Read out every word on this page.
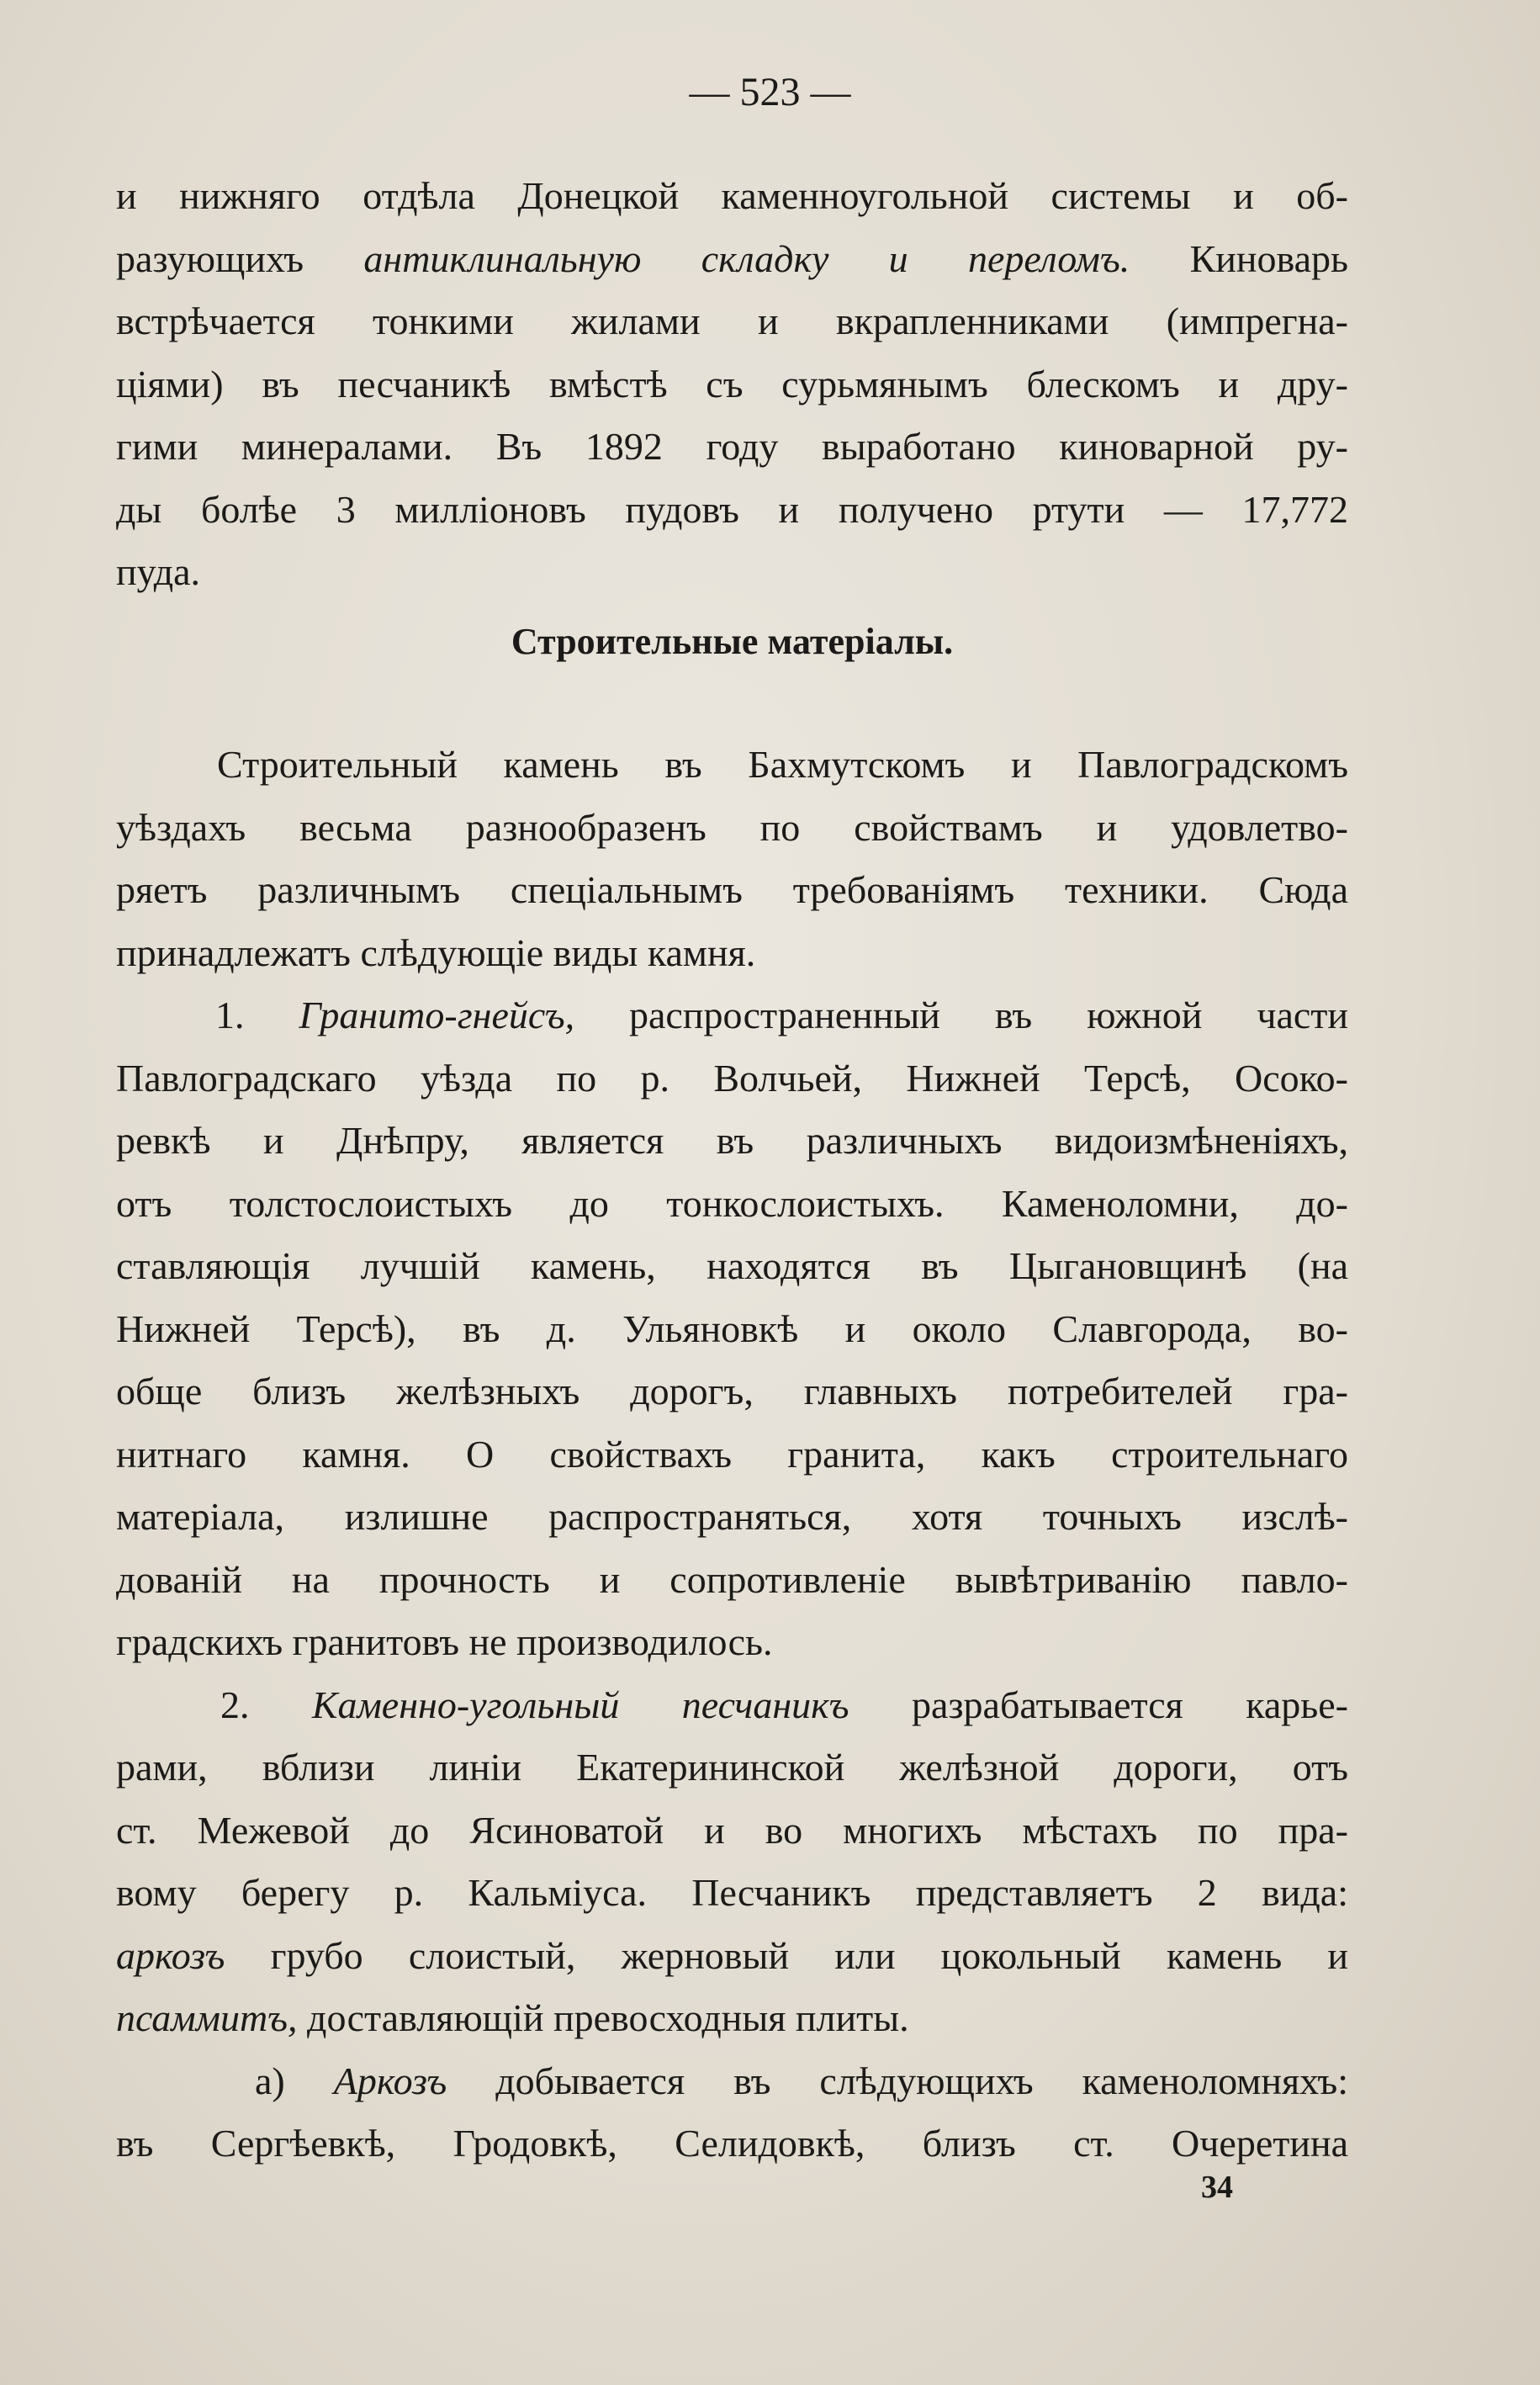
— 523 —
и нижняго отдѣла Донецкой каменноугольной системы и об-
разующихъ антиклинальную складку и переломъ. Киноварь
встрѣчается тонкими жилами и вкрапленниками (импрегна-
ціями) въ песчаникѣ вмѣстѣ съ сурьмянымъ блескомъ и дру-
гими минералами. Въ 1892 году выработано киноварной ру-
ды болѣе 3 милліоновъ пудовъ и получено ртути — 17,772
пуда.
Строительные матеріалы.
Строительный камень въ Бахмутскомъ и Павлоградскомъ
уѣздахъ весьма разнообразенъ по свойствамъ и удовлетво-
ряетъ различнымъ спеціальнымъ требованіямъ техники. Сюда
принадлежатъ слѣдующіе виды камня.
1. Гранито-гнейсъ, распространенный въ южной части
Павлоградскаго уѣзда по р. Волчьей, Нижней Терсѣ, Осоко-
ревкѣ и Днѣпру, является въ различныхъ видоизмѣненіяхъ,
отъ толстослоистыхъ до тонкослоистыхъ. Каменоломни, до-
ставляющія лучшій камень, находятся въ Цыгановщинѣ (на
Нижней Терсѣ), въ д. Ульяновкѣ и около Славгорода, во-
обще близъ желѣзныхъ дорогъ, главныхъ потребителей гра-
нитнаго камня. О свойствахъ гранита, какъ строительнаго
матеріала, излишне распространяться, хотя точныхъ изслѣ-
дованій на прочность и сопротивленіе вывѣтриванію павло-
градскихъ гранитовъ не производилось.
2. Каменно-угольный песчаникъ разрабатывается карье-
рами, вблизи линіи Екатерининской желѣзной дороги, отъ
ст. Межевой до Ясиноватой и во многихъ мѣстахъ по пра-
вому берегу р. Кальміуса. Песчаникъ представляетъ 2 вида:
аркозъ грубо слоистый, жерновый или цокольный камень и
псаммитъ, доставляющій превосходныя плиты.
а) Аркозъ добывается въ слѣдующихъ каменоломняхъ:
въ Сергѣевкѣ, Гродовкѣ, Селидовкѣ, близъ ст. Очеретина
34
